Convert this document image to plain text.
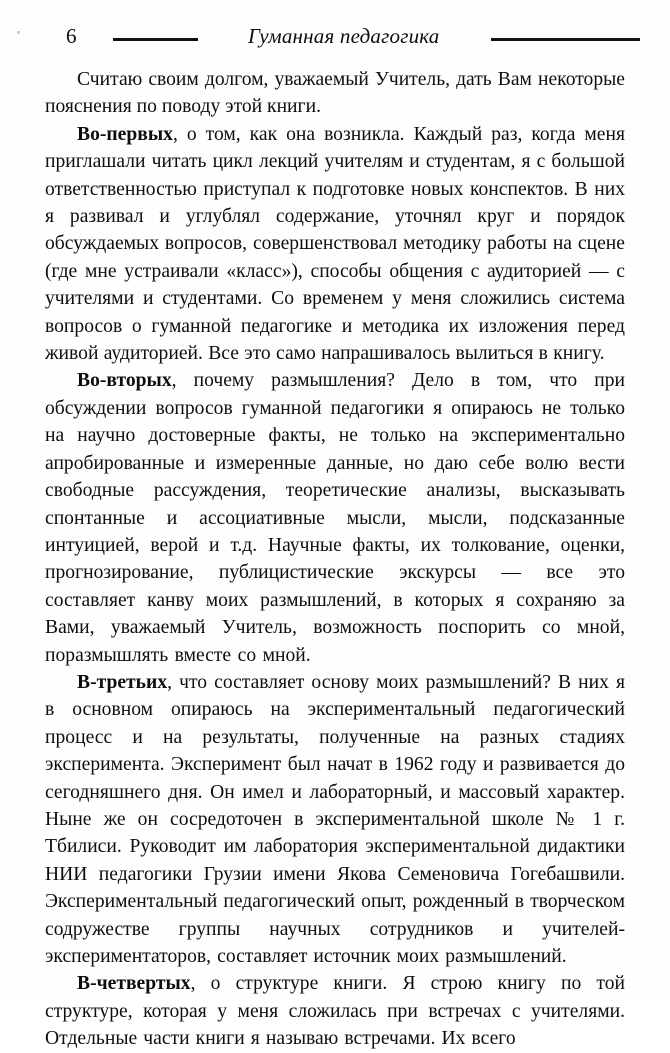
6	Гуманная педагогика

Считаю своим долгом, уважаемый Учитель, дать Вам некоторые пояснения по поводу этой книги.

Во-первых, о том, как она возникла. Каждый раз, когда меня приглашали читать цикл лекций учителям и студентам, я с большой ответственностью приступал к подготовке новых конспектов. В них я развивал и углублял содержание, уточнял круг и порядок обсуждаемых вопросов, совершенствовал методику работы на сцене (где мне устраивали «класс»), способы общения с аудиторией — с учителями и студентами. Со временем у меня сложились система вопросов о гуманной педагогике и методика их изложения перед живой аудиторией. Все это само напрашивалось вылиться в книгу.

Во-вторых, почему размышления? Дело в том, что при обсуждении вопросов гуманной педагогики я опираюсь не только на научно достоверные факты, не только на экспериментально апробированные и измеренные данные, но даю себе волю вести свободные рассуждения, теоретические анализы, высказывать спонтанные и ассоциативные мысли, мысли, подсказанные интуицией, верой и т.д. Научные факты, их толкование, оценки, прогнозирование, публицистические экскурсы — все это составляет канву моих размышлений, в которых я сохраняю за Вами, уважаемый Учитель, возможность поспорить со мной, поразмышлять вместе со мной.

В-третьих, что составляет основу моих размышлений? В них я в основном опираюсь на экспериментальный педагогический процесс и на результаты, полученные на разных стадиях эксперимента. Эксперимент был начат в 1962 году и развивается до сегодняшнего дня. Он имел и лабораторный, и массовый характер. Ныне же он сосредоточен в экспериментальной школе № 1 г. Тбилиси. Руководит им лаборатория экспериментальной дидактики НИИ педагогики Грузии имени Якова Семеновича Гогебашвили. Экспериментальный педагогический опыт, рожденный в творческом содружестве группы научных сотрудников и учителей-экспериментаторов, составляет источник моих размышлений.

В-четвертых, о структуре книги. Я строю книгу по той структуре, которая у меня сложилась при встречах с учителями. Отдельные части книги я называю встречами. Их всего
